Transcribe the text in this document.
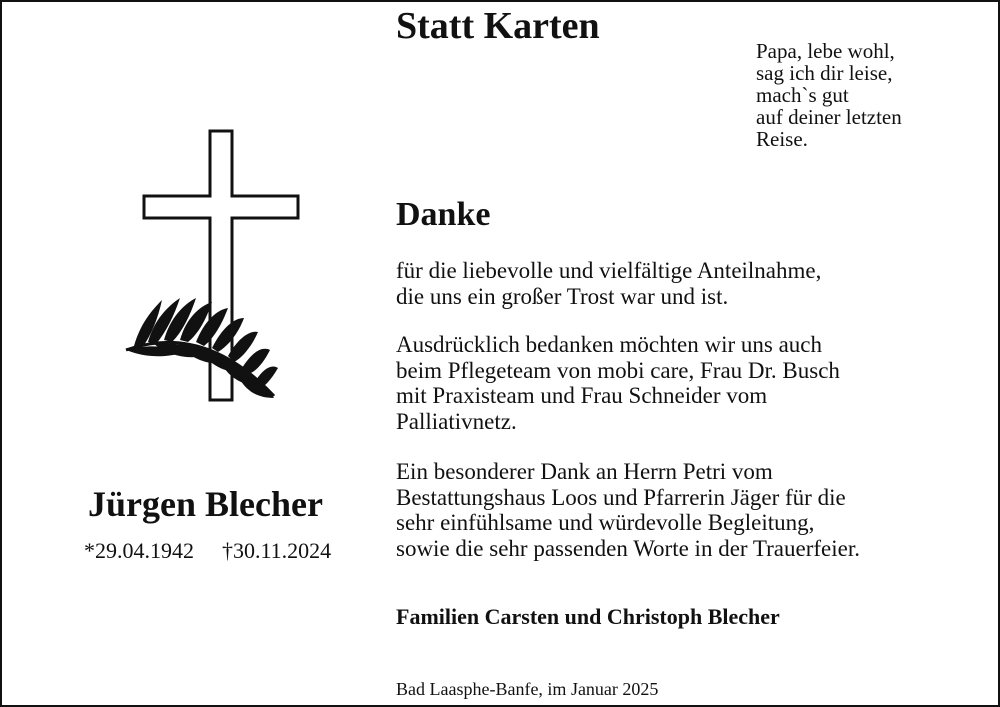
Statt Karten
Papa, lebe wohl,
sag ich dir leise,
mach`s gut
auf deiner letzten
Reise.
Danke
für die liebevolle und vielfältige Anteilnahme,
die uns ein großer Trost war und ist.
Ausdrücklich bedanken möchten wir uns auch
beim Pflegeteam von mobi care, Frau Dr. Busch
mit Praxisteam und Frau Schneider vom
Palliativnetz.
Ein besonderer Dank an Herrn Petri vom
Bestattungshaus Loos und Pfarrerin Jäger für die
sehr einfühlsame und würdevolle Begleitung,
sowie die sehr passenden Worte in der Trauerfeier.
Familien Carsten und Christoph Blecher
Bad Laasphe-Banfe, im Januar 2025
Jürgen Blecher
*29.04.1942 †30.11.2024
